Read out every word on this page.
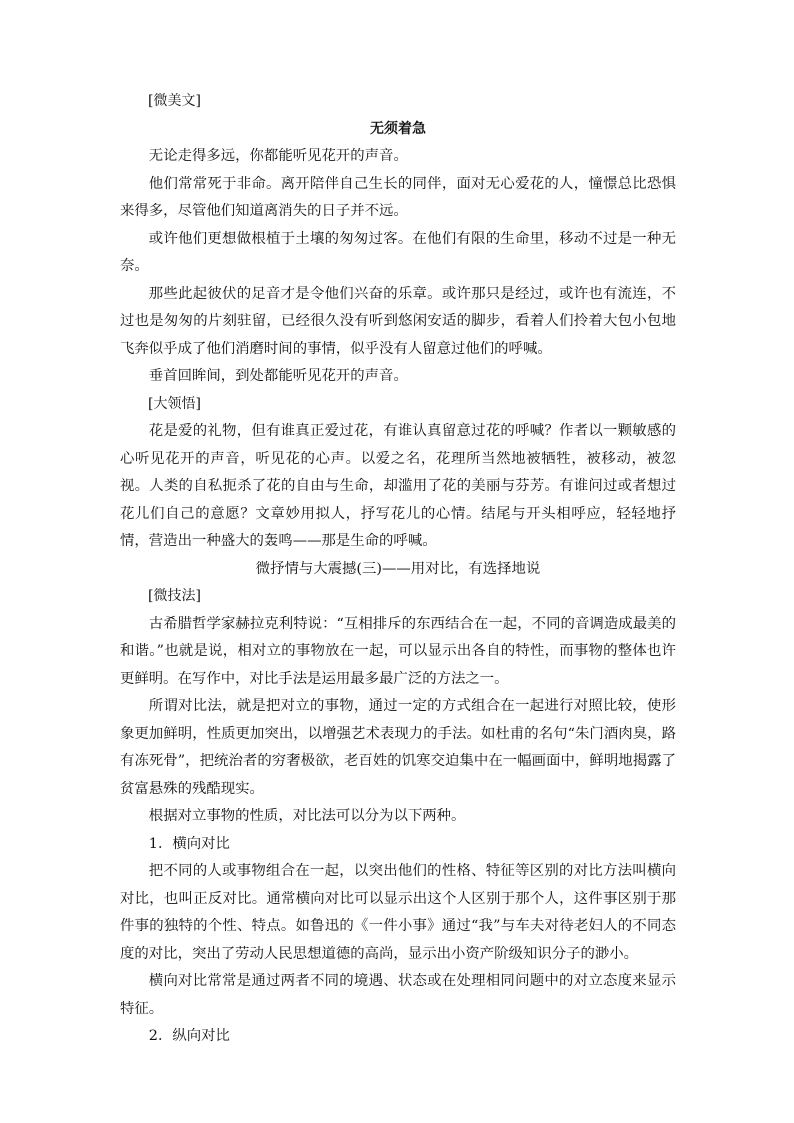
[微美文]

无须着急

无论走得多远，你都能听见花开的声音。

他们常常死于非命。离开陪伴自己生长的同伴，面对无心爱花的人，憧憬总比恐惧来得多，尽管他们知道离消失的日子并不远。

或许他们更想做根植于土壤的匆匆过客。在他们有限的生命里，移动不过是一种无奈。

那些此起彼伏的足音才是令他们兴奋的乐章。或许那只是经过，或许也有流连，不过也是匆匆的片刻驻留，已经很久没有听到悠闲安适的脚步，看着人们拎着大包小包地飞奔似乎成了他们消磨时间的事情，似乎没有人留意过他们的呼喊。

垂首回眸间，到处都能听见花开的声音。

[大领悟]

花是爱的礼物，但有谁真正爱过花，有谁认真留意过花的呼喊？作者以一颗敏感的心听见花开的声音，听见花的心声。以爱之名，花理所当然地被牺牲，被移动，被忽视。人类的自私扼杀了花的自由与生命，却滥用了花的美丽与芬芳。有谁问过或者想过花儿们自己的意愿？文章妙用拟人，抒写花儿的心情。结尾与开头相呼应，轻轻地抒情，营造出一种盛大的轰鸣——那是生命的呼喊。

微抒情与大震撼(三)——用对比，有选择地说

[微技法]

古希腊哲学家赫拉克利特说：“互相排斥的东西结合在一起，不同的音调造成最美的和谐。”也就是说，相对立的事物放在一起，可以显示出各自的特性，而事物的整体也许更鲜明。在写作中，对比手法是运用最多最广泛的方法之一。

所谓对比法，就是把对立的事物，通过一定的方式组合在一起进行对照比较，使形象更加鲜明，性质更加突出，以增强艺术表现力的手法。如杜甫的名句“朱门酒肉臭，路有冻死骨”，把统治者的穷奢极欲，老百姓的饥寒交迫集中在一幅画面中，鲜明地揭露了贫富悬殊的残酷现实。

根据对立事物的性质，对比法可以分为以下两种。

1．横向对比

把不同的人或事物组合在一起，以突出他们的性格、特征等区别的对比方法叫横向对比，也叫正反对比。通常横向对比可以显示出这个人区别于那个人，这件事区别于那件事的独特的个性、特点。如鲁迅的《一件小事》通过“我”与车夫对待老妇人的不同态度的对比，突出了劳动人民思想道德的高尚，显示出小资产阶级知识分子的渺小。

横向对比常常是通过两者不同的境遇、状态或在处理相同问题中的对立态度来显示特征。

2．纵向对比
